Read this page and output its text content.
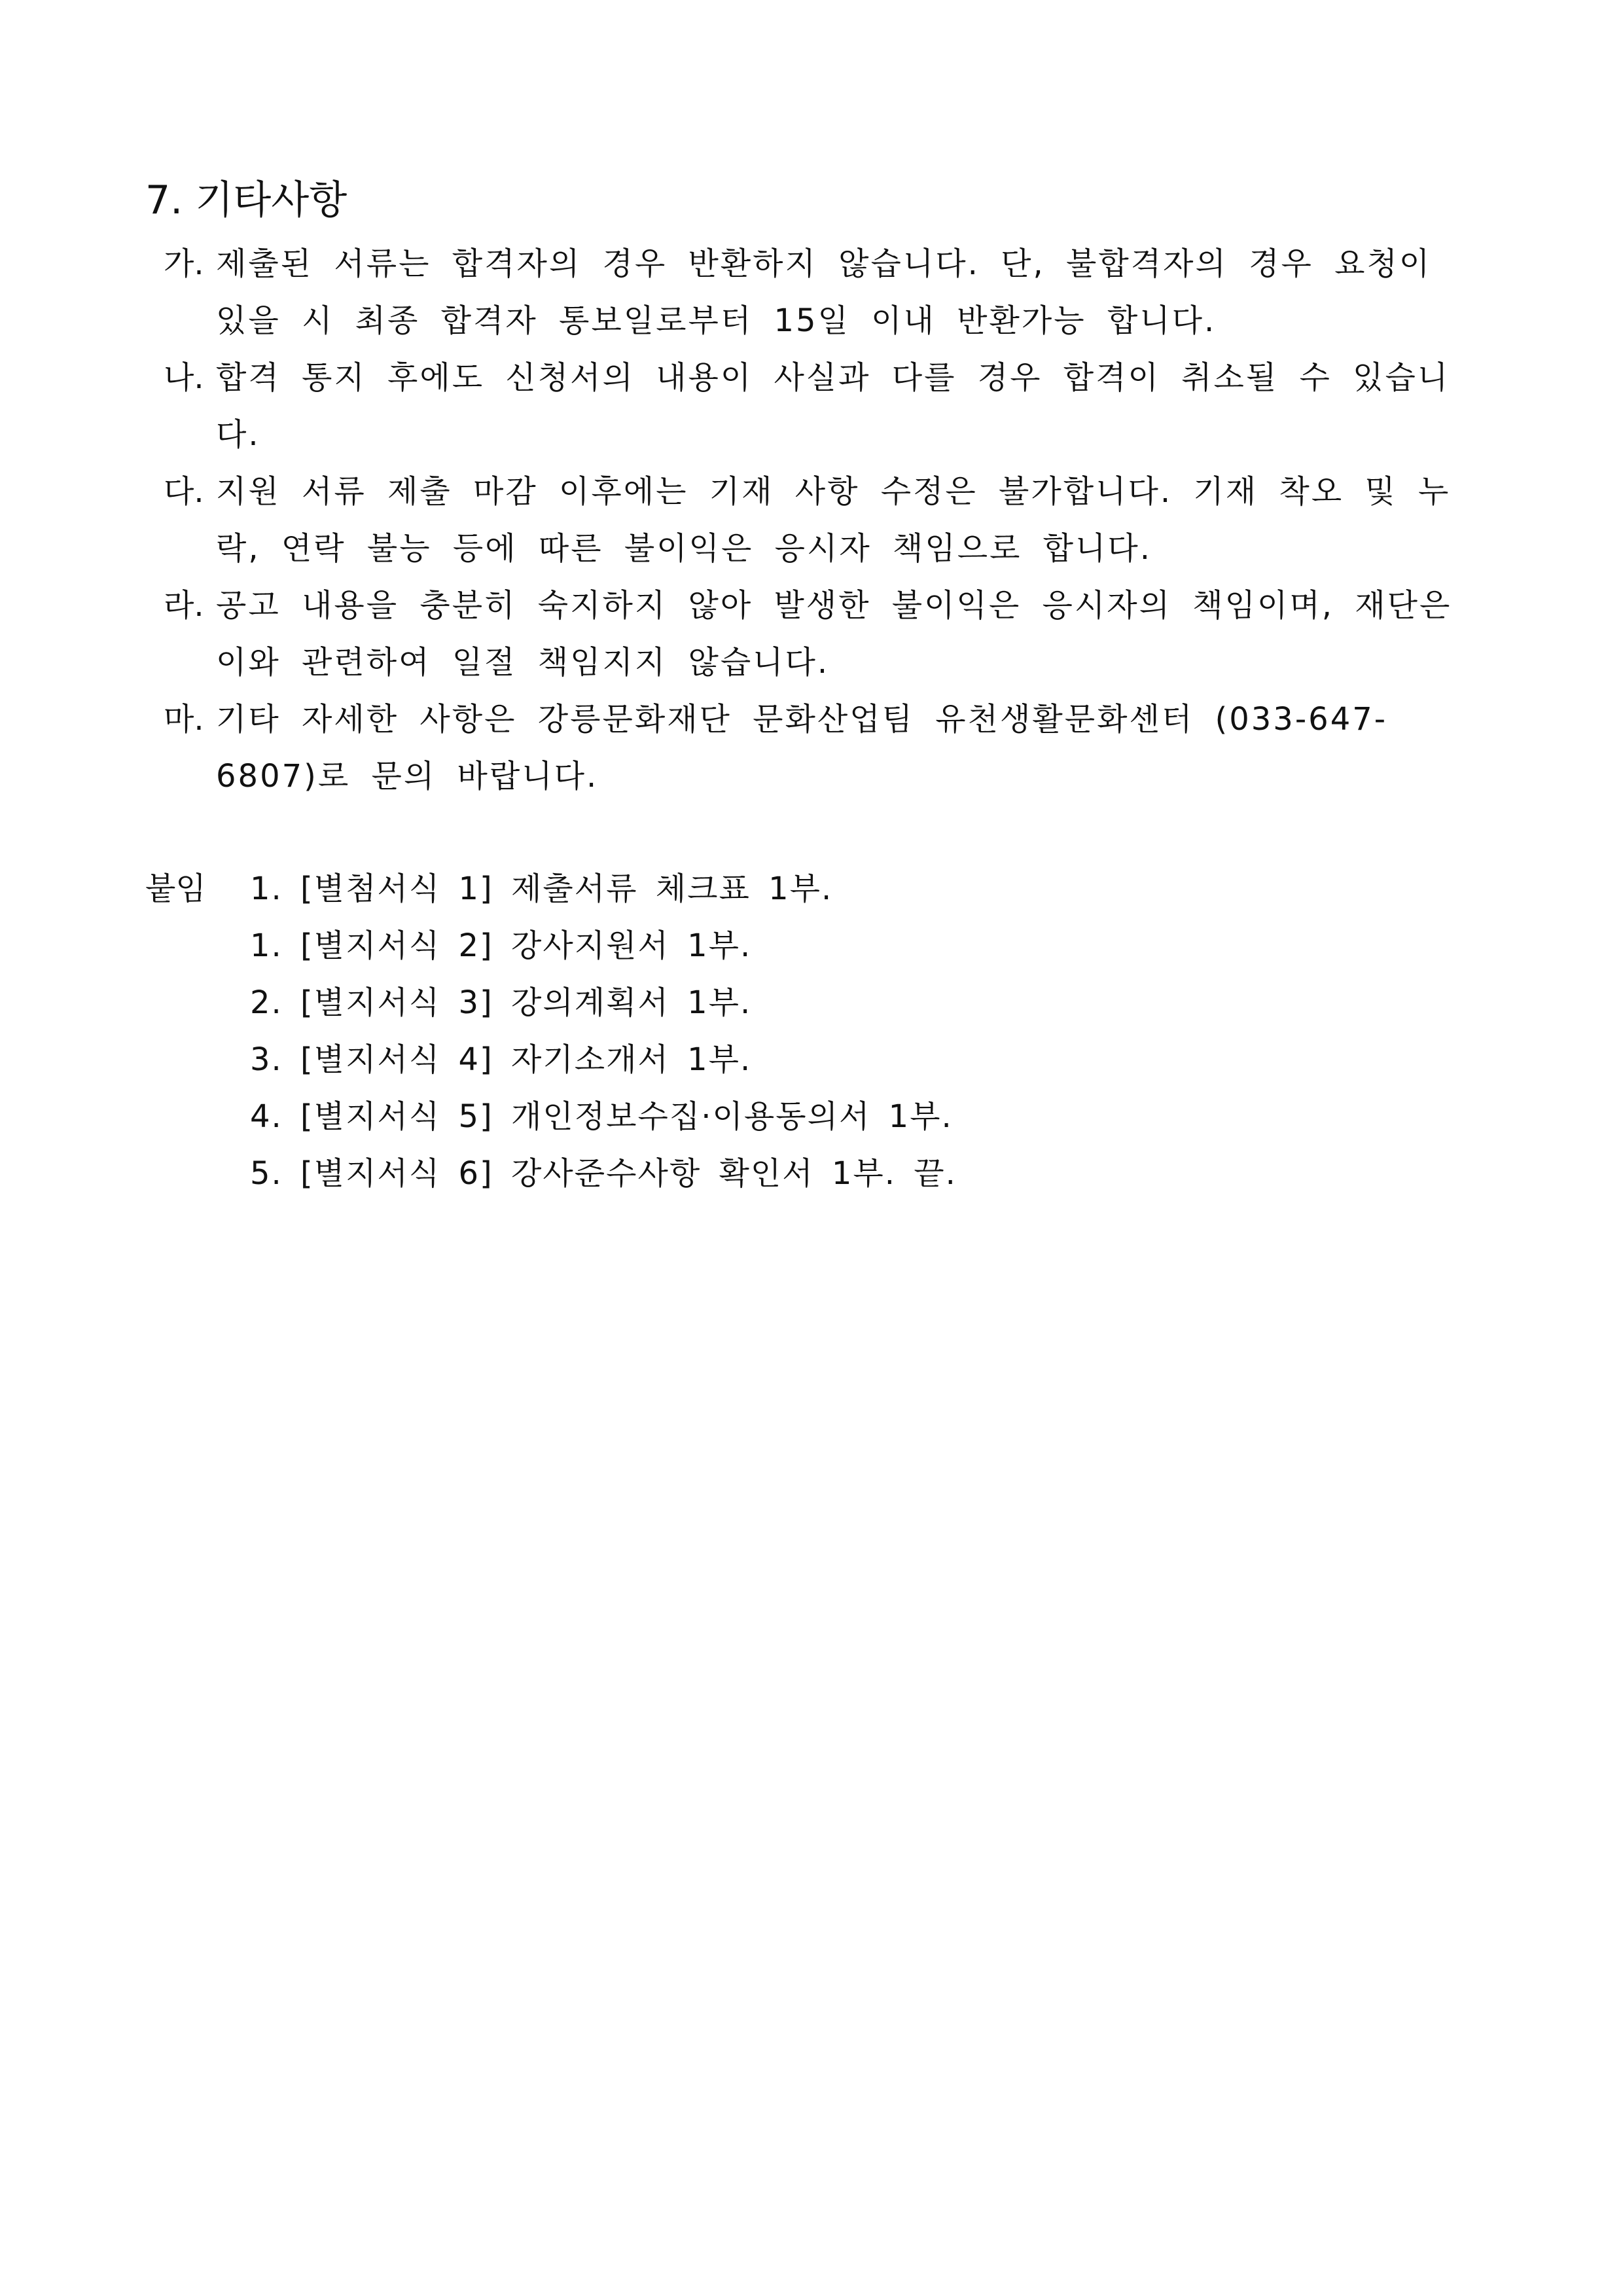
7. 기타사항
가. 제출된 서류는 합격자의 경우 반환하지 않습니다. 단, 불합격자의 경우 요청이 있을 시 최종 합격자 통보일로부터 15일 이내 반환가능 합니다.
나. 합격 통지 후에도 신청서의 내용이 사실과 다를 경우 합격이 취소될 수 있습니다.
다. 지원 서류 제출 마감 이후에는 기재 사항 수정은 불가합니다. 기재 착오 및 누락, 연락 불능 등에 따른 불이익은 응시자 책임으로 합니다.
라. 공고 내용을 충분히 숙지하지 않아 발생한 불이익은 응시자의 책임이며, 재단은 이와 관련하여 일절 책임지지 않습니다.
마. 기타 자세한 사항은 강릉문화재단 문화산업팀 유천생활문화센터 (033-647-6807)로 문의 바랍니다.
붙임	1. [별첨서식 1] 제출서류 체크표 1부.
1. [별지서식 2] 강사지원서 1부.
2. [별지서식 3] 강의계획서 1부.
3. [별지서식 4] 자기소개서 1부.
4. [별지서식 5] 개인정보수집·이용동의서 1부.
5. [별지서식 6] 강사준수사항 확인서 1부. 끝.
